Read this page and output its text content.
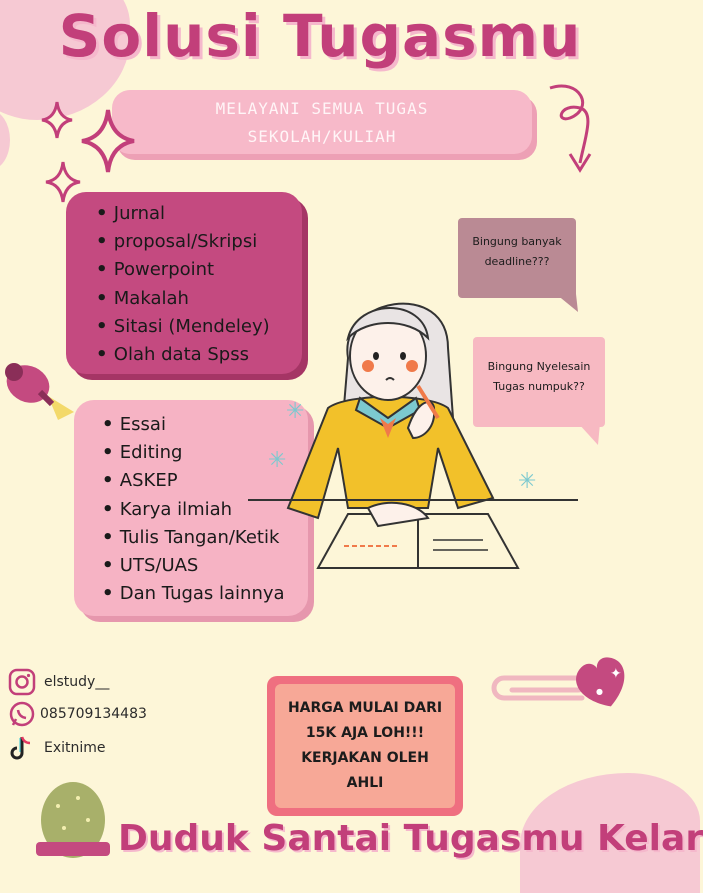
Solusi Tugasmu
MELAYANI SEMUA TUGAS
SEKOLAH/KULIAH
• Jurnal
• proposal/Skripsi
• Powerpoint
• Makalah
• Sitasi (Mendeley)
• Olah data Spss
• Essai
• Editing
• ASKEP
• Karya ilmiah
• Tulis Tangan/Ketik
• UTS/UAS
• Dan Tugas lainnya
✳
✳
✳
Bingung banyak
deadline???
Bingung Nyelesain
Tugas numpuk??
elstudy__
085709134483
Exitnime
HARGA MULAI DARI
15K AJA LOH!!!
KERJAKAN OLEH
AHLI
✦
●
Duduk Santai Tugasmu Kelar
